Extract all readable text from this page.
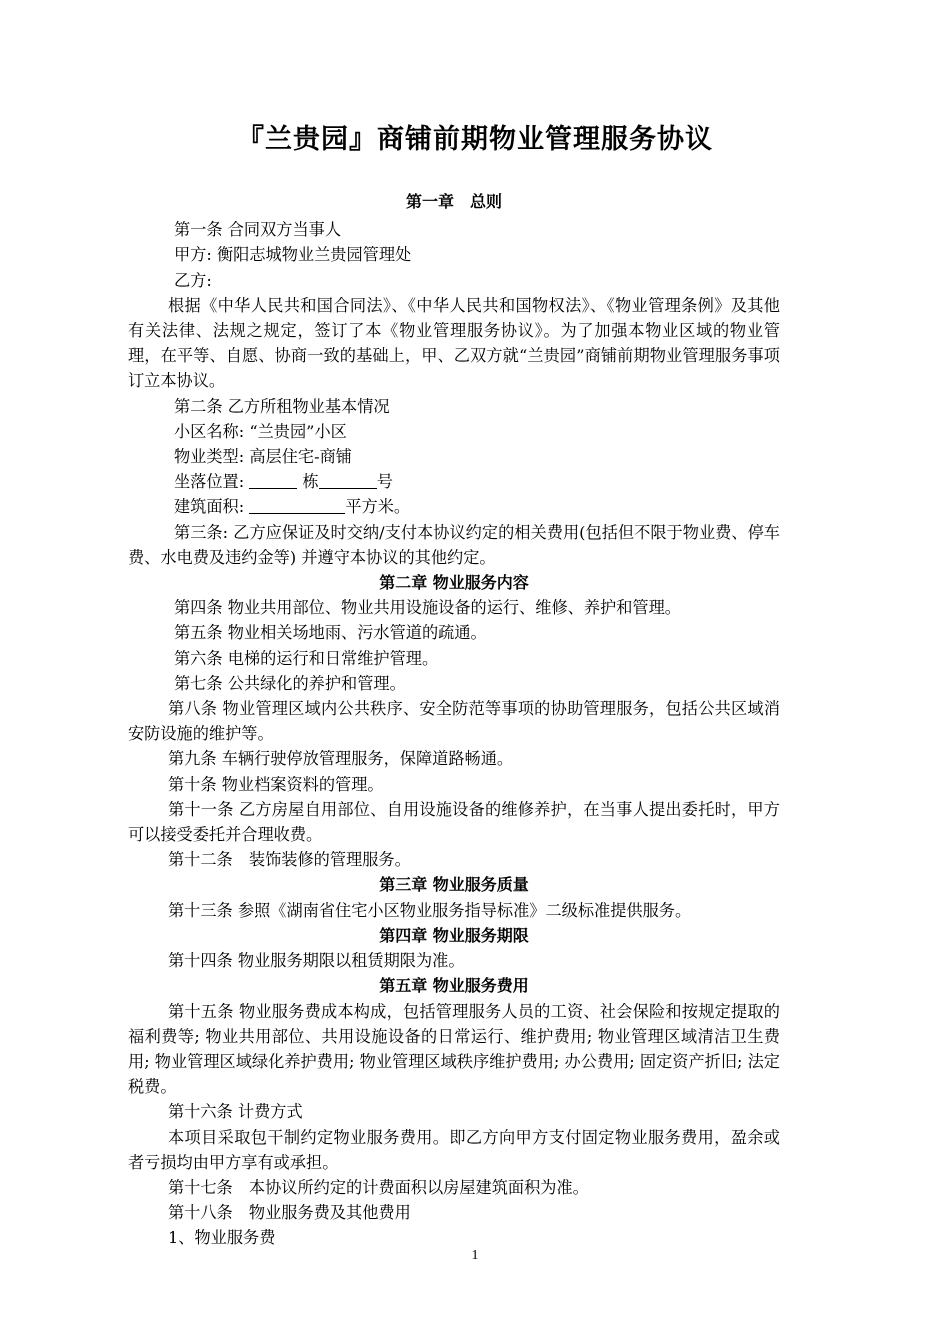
『兰贵园』商铺前期物业管理服务协议

第一章　总则

第一条 合同双方当事人

甲方: 衡阳志城物业兰贵园管理处

乙方:

根据《中华人民共和国合同法》、《中华人民共和国物权法》、《物业管理条例》及其他有关法律、法规之规定，签订了本《物业管理服务协议》。为了加强本物业区域的物业管理，在平等、自愿、协商一致的基础上，甲、乙双方就“兰贵园”商铺前期物业管理服务事项订立本协议。

第二条 乙方所租物业基本情况

小区名称: “兰贵园”小区

物业类型: 高层住宅-商铺

坐落位置:	栋	号

建筑面积:	平方米。

第三条: 乙方应保证及时交纳/支付本协议约定的相关费用(包括但不限于物业费、停车费、水电费及违约金等) 并遵守本协议的其他约定。

第二章 物业服务内容

第四条 物业共用部位、物业共用设施设备的运行、维修、养护和管理。

第五条 物业相关场地雨、污水管道的疏通。

第六条 电梯的运行和日常维护管理。

第七条 公共绿化的养护和管理。

第八条 物业管理区域内公共秩序、安全防范等事项的协助管理服务，包括公共区域消安防设施的维护等。

第九条 车辆行驶停放管理服务，保障道路畅通。

第十条 物业档案资料的管理。

第十一条 乙方房屋自用部位、自用设施设备的维修养护，在当事人提出委托时，甲方可以接受委托并合理收费。

第十二条　装饰装修的管理服务。

第三章 物业服务质量

第十三条 参照《湖南省住宅小区物业服务指导标准》二级标准提供服务。

第四章 物业服务期限

第十四条 物业服务期限以租赁期限为准。

第五章 物业服务费用

第十五条 物业服务费成本构成，包括管理服务人员的工资、社会保险和按规定提取的福利费等; 物业共用部位、共用设施设备的日常运行、维护费用; 物业管理区域清洁卫生费用; 物业管理区域绿化养护费用; 物业管理区域秩序维护费用; 办公费用; 固定资产折旧; 法定税费。

第十六条 计费方式

本项目采取包干制约定物业服务费用。即乙方向甲方支付固定物业服务费用，盈余或者亏损均由甲方享有或承担。

第十七条　本协议所约定的计费面积以房屋建筑面积为准。

第十八条　物业服务费及其他费用

1、物业服务费

1
